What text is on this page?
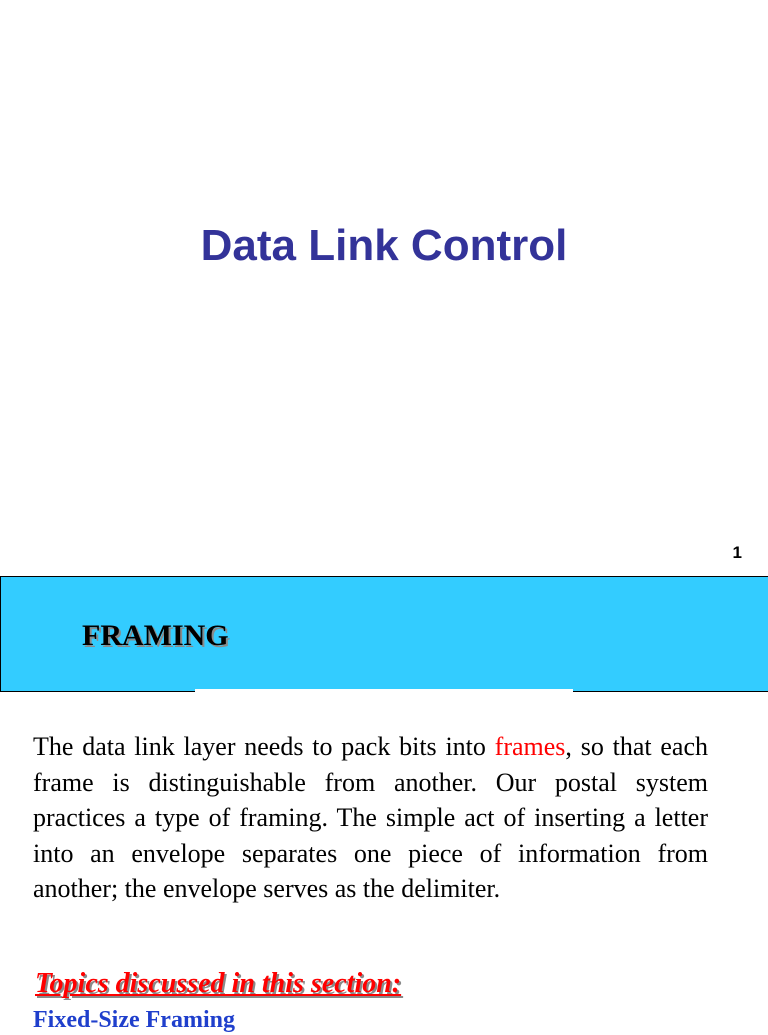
Data Link Control
1
FRAMING

The data link layer needs to pack bits into frames, so that each frame is distinguishable from another. Our postal system practices a type of framing. The simple act of inserting a letter into an envelope separates one piece of information from another; the envelope serves as the delimiter.

Topics discussed in this section:
Fixed-Size Framing
